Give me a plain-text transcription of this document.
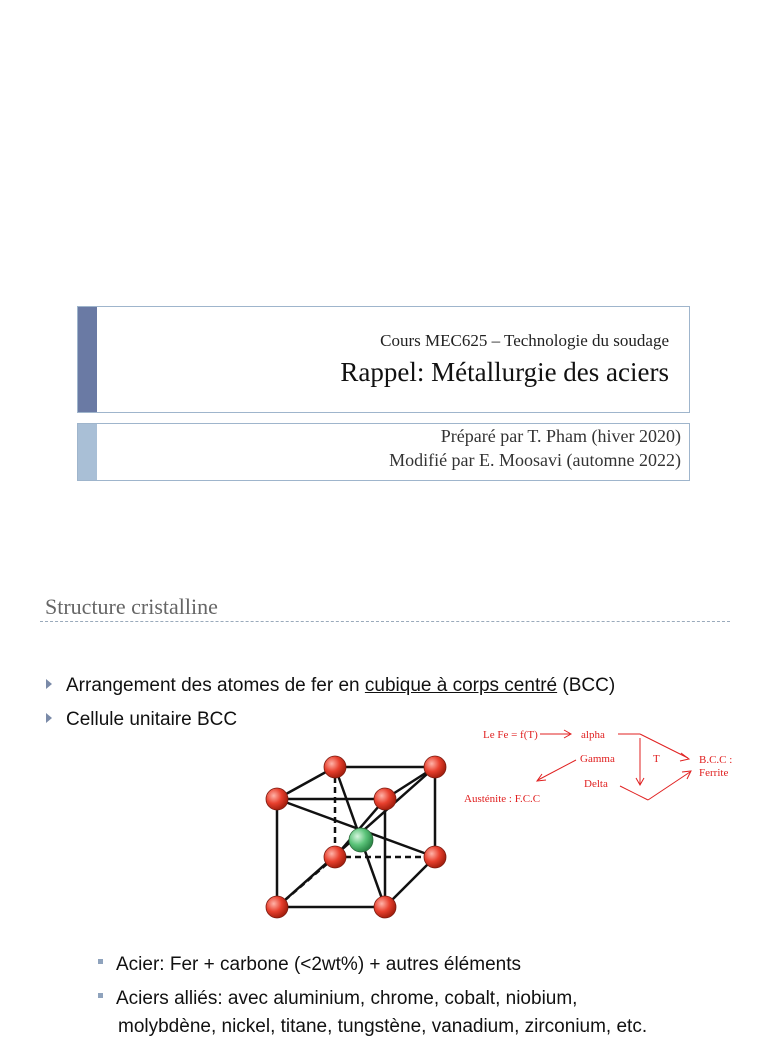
Cours MEC625 – Technologie du soudage
Rappel: Métallurgie des aciers
Préparé par T. Pham (hiver 2020)
Modifié par E. Moosavi (automne 2022)
Structure cristalline
Arrangement des atomes de fer en cubique à corps centré (BCC)
Cellule unitaire BCC
Le Fe = f(T)	alpha
Gamma	T
Delta
B.C.C :
Ferrite
Austénite : F.C.C
Acier: Fer + carbone (<2wt%) + autres éléments
Aciers alliés: avec aluminium, chrome, cobalt, niobium,
molybdène, nickel, titane, tungstène, vanadium, zirconium, etc.
